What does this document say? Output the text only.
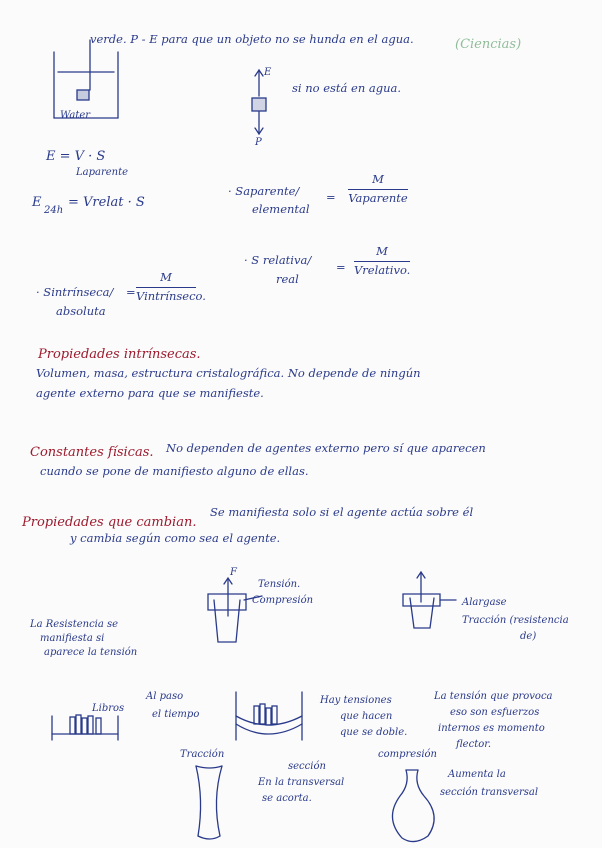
(Ciencias)
verde. P - E para que un objeto no se hunda en el agua.
Water
E
P
si no está en agua.
E = V · S
Laparente
E
24h
= Vrelat · S
· Saparente/
elemental
=
M
Vaparente
· S relativa/
real
=
M
Vrelativo.
· Sintrínseca/
absoluta
=
M
Vintrínseco.
Propiedades intrínsecas.
Volumen, masa, estructura cristalográfica. No depende de ningún
agente externo para que se manifieste.
Constantes físicas. No dependen de agentes externo pero sí que aparecen
cuando se pone de manifiesto alguno de ellas.
Propiedades que cambian.
Se manifiesta solo si el agente actúa sobre él
y cambia según como sea el agente.
F
Tensión.
Compresión
La Resistencia se
manifiesta si
aparece la tensión
Alargase
Tracción (resistencia
de)
Libros
Al paso
el tiempo
Hay tensiones
que hacen
que se doble.
La tensión que provoca
eso son esfuerzos
internos es momento
flector.
Tracción
sección
En la transversal
se acorta.
compresión
Aumenta la
sección transversal
